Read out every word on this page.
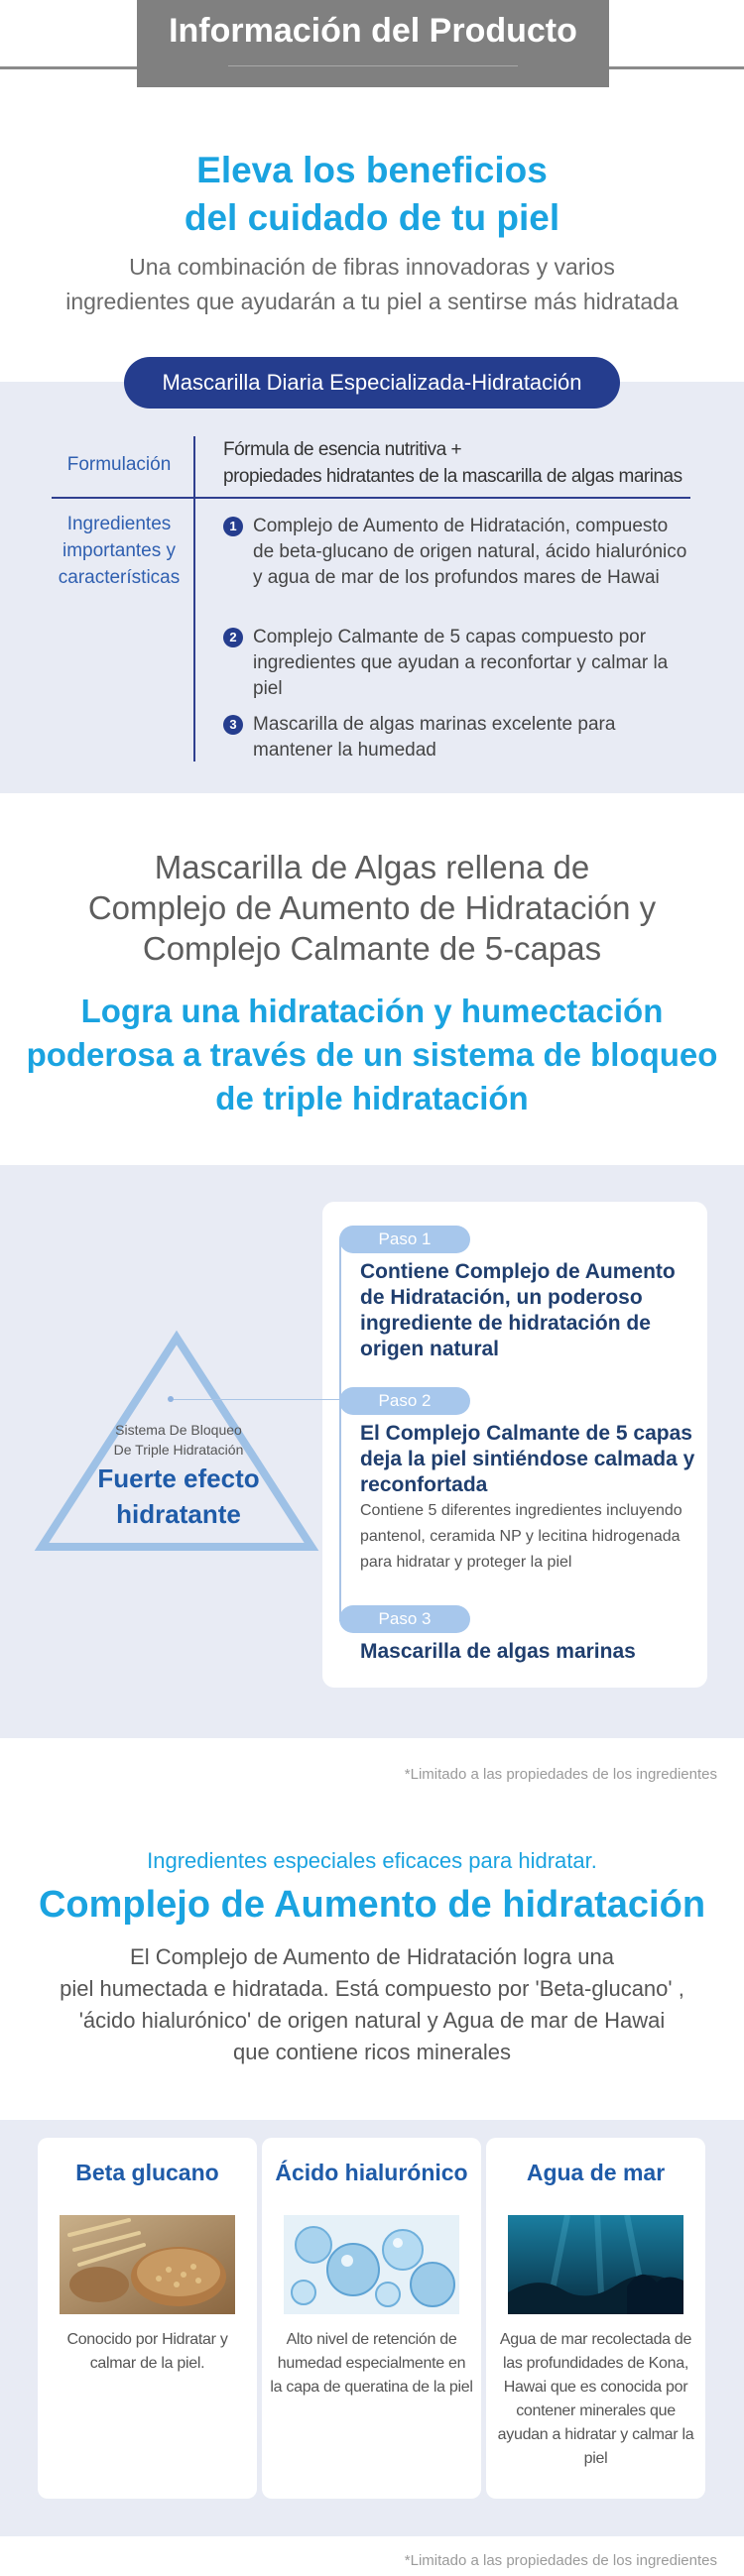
Información del Producto
Eleva los beneficios
del cuidado de tu piel
Una combinación de fibras innovadoras y varios
ingredientes que ayudarán a tu piel a sentirse más hidratada
Mascarilla Diaria Especializada-Hidratación
Formulación
Fórmula de esencia nutritiva +
propiedades hidratantes de la mascarilla de algas marinas
Ingredientes
importantes y
características
1 Complejo de Aumento de Hidratación, compuesto de beta-glucano de origen natural, ácido hialurónico y agua de mar de los profundos mares de Hawai
2 Complejo Calmante de 5 capas compuesto por ingredientes que ayudan a reconfortar y calmar la piel
3 Mascarilla de algas marinas excelente para mantener la humedad
Mascarilla de Algas rellena de
Complejo de Aumento de Hidratación y
Complejo Calmante de 5-capas
Logra una hidratación y humectación
poderosa a través de un sistema de bloqueo
de triple hidratación
Sistema De Bloqueo
De Triple Hidratación
Fuerte efecto
hidratante
Paso 1
Contiene Complejo de Aumento de Hidratación, un poderoso ingrediente de hidratación de origen natural
Paso 2
El Complejo Calmante de 5 capas deja la piel sintiéndose calmada y reconfortada
Contiene 5 diferentes ingredientes incluyendo pantenol, ceramida NP y lecitina hidrogenada para hidratar y proteger la piel
Paso 3
Mascarilla de algas marinas
*Limitado a las propiedades de los ingredientes
Ingredientes especiales eficaces para hidratar.
Complejo de Aumento de hidratación
El Complejo de Aumento de Hidratación logra una
piel humectada e hidratada. Está compuesto por 'Beta-glucano' ,
'ácido hialurónico' de origen natural y Agua de mar de Hawai
que contiene ricos minerales
Beta glucano
Conocido por Hidratar y calmar de la piel.
Ácido hialurónico
Alto nivel de retención de humedad especialmente en la capa de queratina de la piel
Agua de mar
Agua de mar recolectada de las profundidades de Kona, Hawai que es conocida por contener minerales que ayudan a hidratar y calmar la piel
*Limitado a las propiedades de los ingredientes
